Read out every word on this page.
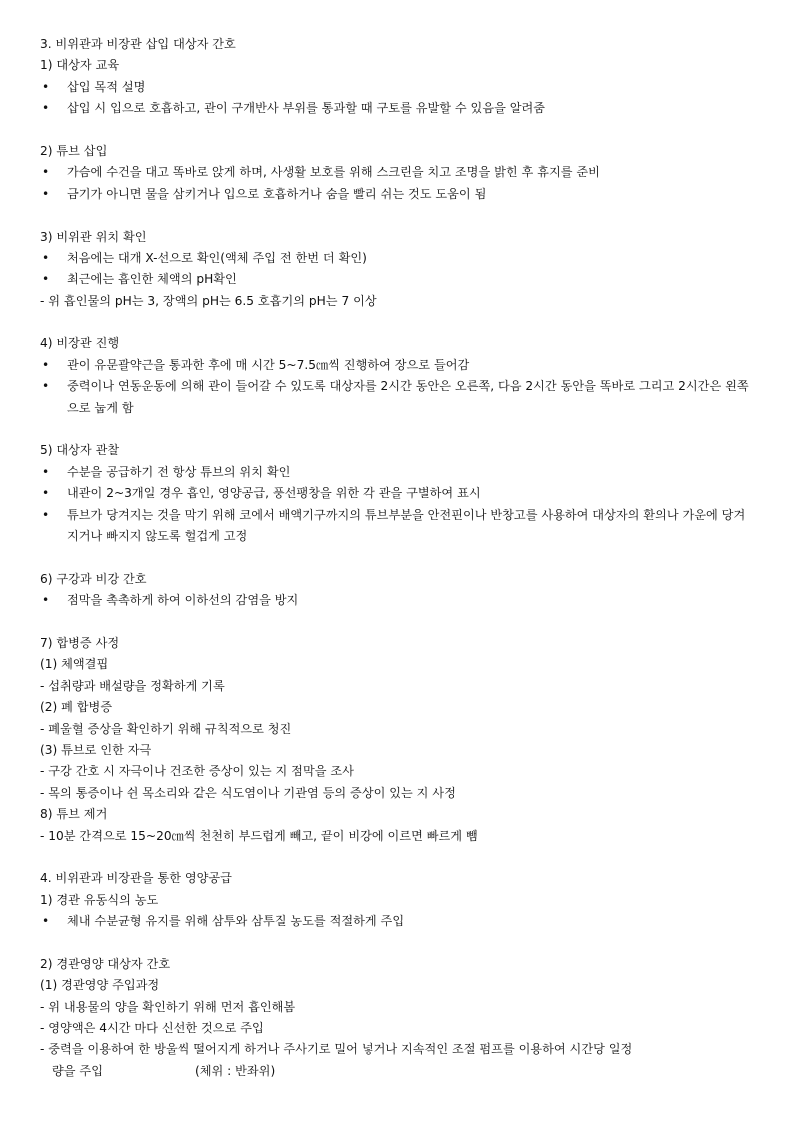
3. 비위관과 비장관 삽입 대상자 간호
1) 대상자 교육
• 삽입 목적 설명
• 삽입 시 입으로 호흡하고, 관이 구개반사 부위를 통과할 때 구토를 유발할 수 있음을 알려줌
2) 튜브 삽입
• 가슴에 수건을 대고 똑바로 앉게 하며, 사생활 보호를 위해 스크린을 치고 조명을 밝힌 후 휴지를 준비
• 금기가 아니면 물을 삼키거나 입으로 호흡하거나 숨을 빨리 쉬는 것도 도움이 됨
3) 비위관 위치 확인
• 처음에는 대개 X-선으로 확인(액체 주입 전 한번 더 확인)
• 최근에는 흡인한 체액의 pH확인
- 위 흡인물의 pH는 3, 장액의 pH는 6.5 호흡기의 pH는 7 이상
4) 비장관 진행
• 관이 유문괄약근을 통과한 후에 매 시간 5~7.5㎝씩 진행하여 장으로 들어감
• 중력이나 연동운동에 의해 관이 들어갈 수 있도록 대상자를 2시간 동안은 오른쪽, 다음 2시간 동안을 똑바로 그리고 2시간은 왼쪽으로 눕게 함
5) 대상자 관찰
• 수분을 공급하기 전 항상 튜브의 위치 확인
• 내관이 2~3개일 경우 흡인, 영양공급, 풍선팽창을 위한 각 관을 구별하여 표시
• 튜브가 당겨지는 것을 막기 위해 코에서 배액기구까지의 튜브부분을 안전핀이나 반창고를 사용하여 대상자의 환의나 가운에 당겨지거나 빠지지 않도록 헐겁게 고정
6) 구강과 비강 간호
• 점막을 촉촉하게 하여 이하선의 감염을 방지
7) 합병증 사정
(1) 체액결핍
- 섭취량과 배설량을 정확하게 기록
(2) 폐 합병증
- 폐울혈 증상을 확인하기 위해 규칙적으로 청진
(3) 튜브로 인한 자극
- 구강 간호 시 자극이나 건조한 증상이 있는 지 점막을 조사
- 목의 통증이나 쉰 목소리와 같은 식도염이나 기관염 등의 증상이 있는 지 사정
8) 튜브 제거
- 10분 간격으로 15~20㎝씩 천천히 부드럽게 빼고, 끝이 비강에 이르면 빠르게 뺌
4. 비위관과 비장관을 통한 영양공급
1) 경관 유동식의 농도
• 체내 수분균형 유지를 위해 삼투와 삼투질 농도를 적절하게 주입
2) 경관영양 대상자 간호
(1) 경관영양 주입과정
- 위 내용물의 양을 확인하기 위해 먼저 흡인해봄
- 영양액은 4시간 마다 신선한 것으로 주입
- 중력을 이용하여 한 방울씩 떨어지게 하거나 주사기로 밀어 넣거나 지속적인 조절 펌프를 이용하여 시간당 일정
량을 주입	(체위 : 반좌위)
